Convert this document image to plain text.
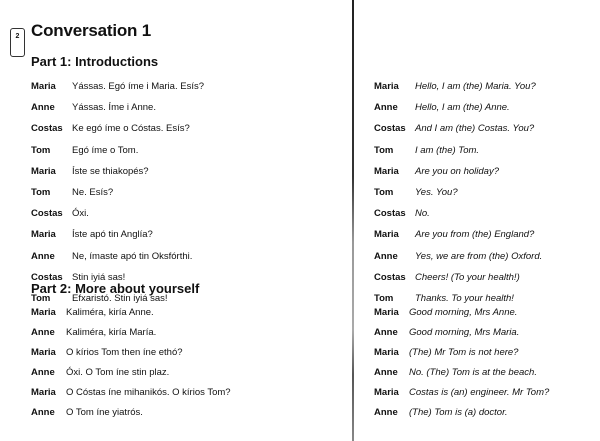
2 Conversation 1
Part 1: Introductions
Part 2: More about yourself
Maria	Yássas. Egó íme i Maria. Esís?
Anne	Yássas. Íme i Anne.
Costas Ke egó íme o Cóstas. Esís?
Tom	Egó íme o Tom.
Maria	Íste se thiakopés?
Tom	Ne. Esís?
Costas Óxi.
Maria	Íste apó tin Anglía?
Anne	Ne, ímaste apó tin Oksfórthi.
Costas Stin iyiá sas!
Tom	Efxaristó. Stin iyiá sas!
Maria	Kaliméra, kiría Anne.
Anne	Kaliméra, kiría María.
Maria	O kírios Tom then íne ethó?
Anne	Óxi. O Tom íne stin plaz.
Maria	O Cóstas íne mihanikós. O kírios Tom?
Anne	O Tom íne yiatrós.
Maria	Hello, I am (the) Maria. You?
Anne	Hello, I am (the) Anne.
Costas And I am (the) Costas. You?
Tom	I am (the) Tom.
Maria	Are you on holiday?
Tom	Yes. You?
Costas No.
Maria	Are you from (the) England?
Anne	Yes, we are from (the) Oxford.
Costas Cheers! (To your health!)
Tom	Thanks. To your health!
Maria	Good morning, Mrs Anne.
Anne	Good morning, Mrs Maria.
Maria	(The) Mr Tom is not here?
Anne	No. (The) Tom is at the beach.
Maria	Costas is (an) engineer. Mr Tom?
Anne	(The) Tom is (a) doctor.
